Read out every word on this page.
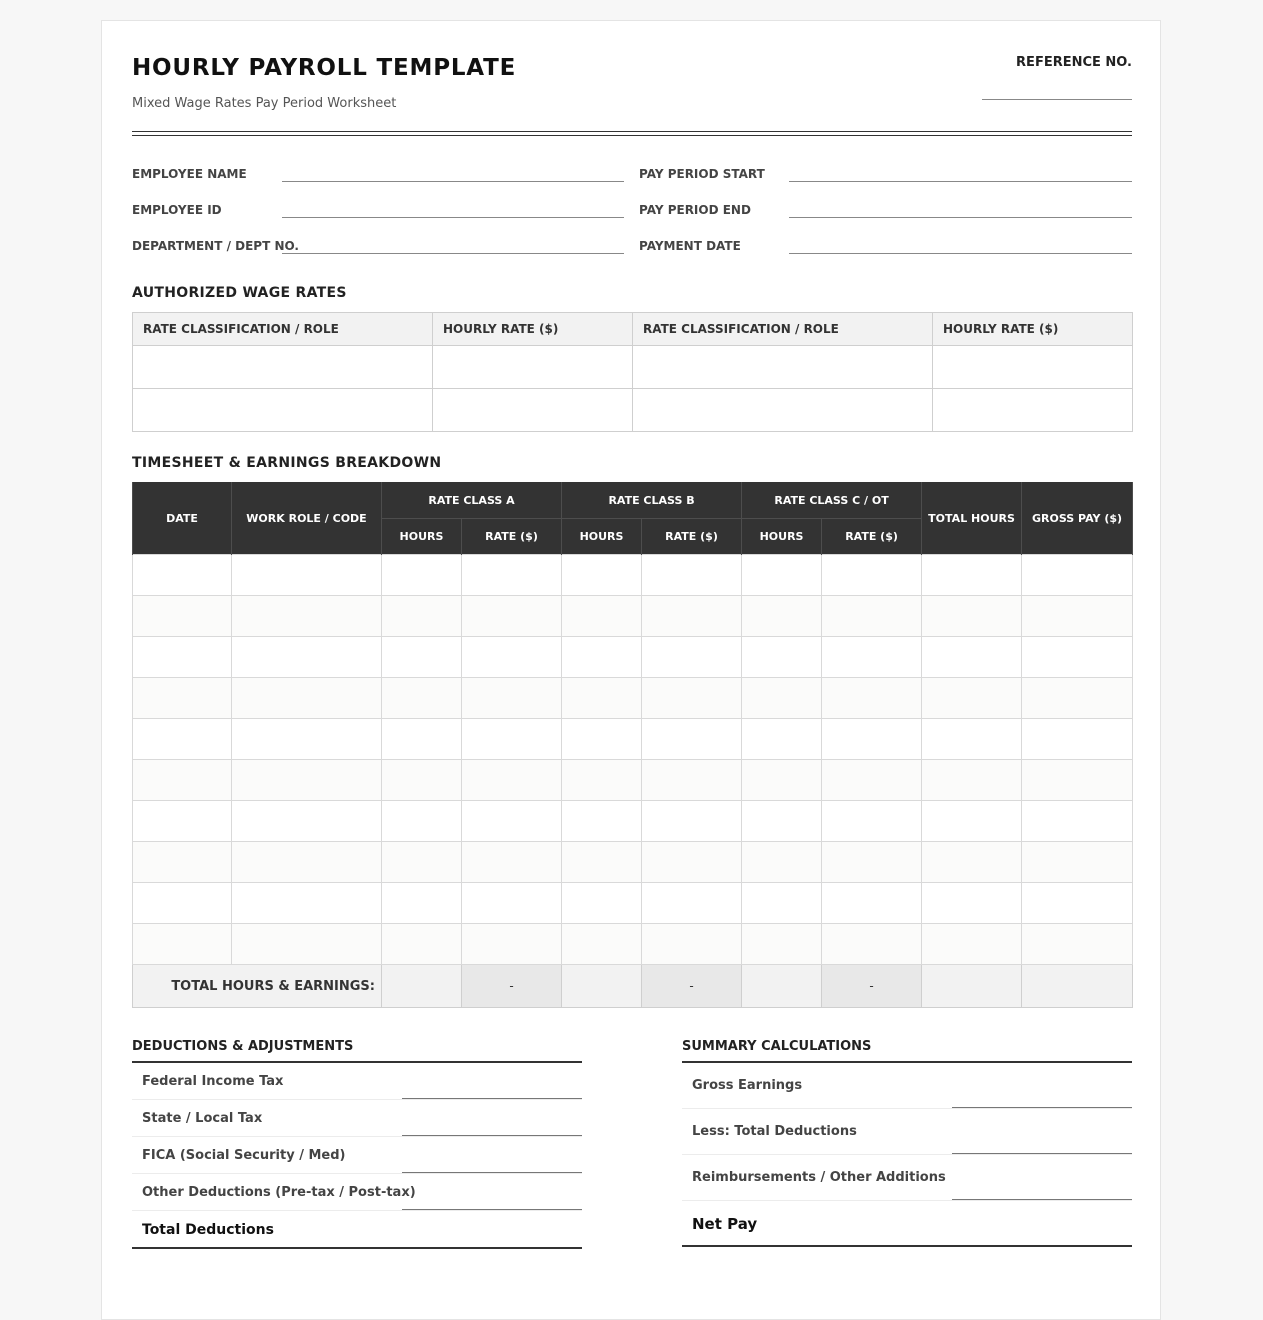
HOURLY PAYROLL TEMPLATE
Mixed Wage Rates Pay Period Worksheet
REFERENCE NO.
EMPLOYEE NAME
EMPLOYEE ID
DEPARTMENT / DEPT NO.
PAY PERIOD START
PAY PERIOD END
PAYMENT DATE
AUTHORIZED WAGE RATES
RATE CLASSIFICATION / ROLE	HOURLY RATE ($)	RATE CLASSIFICATION / ROLE	HOURLY RATE ($)

TIMESHEET & EARNINGS BREAKDOWN
DATE	WORK ROLE / CODE	RATE CLASS A		RATE CLASS B		RATE CLASS C / OT		TOTAL HOURS	GROSS PAY ($)
		HOURS	RATE ($)	HOURS	RATE ($)	HOURS	RATE ($)		

TOTAL HOURS & EARNINGS:			-		-		-		
DEDUCTIONS & ADJUSTMENTS
Federal Income Tax
State / Local Tax
FICA (Social Security / Med)
Other Deductions (Pre-tax / Post-tax)
Total Deductions
SUMMARY CALCULATIONS
Gross Earnings
Less: Total Deductions
Reimbursements / Other Additions
Net Pay
